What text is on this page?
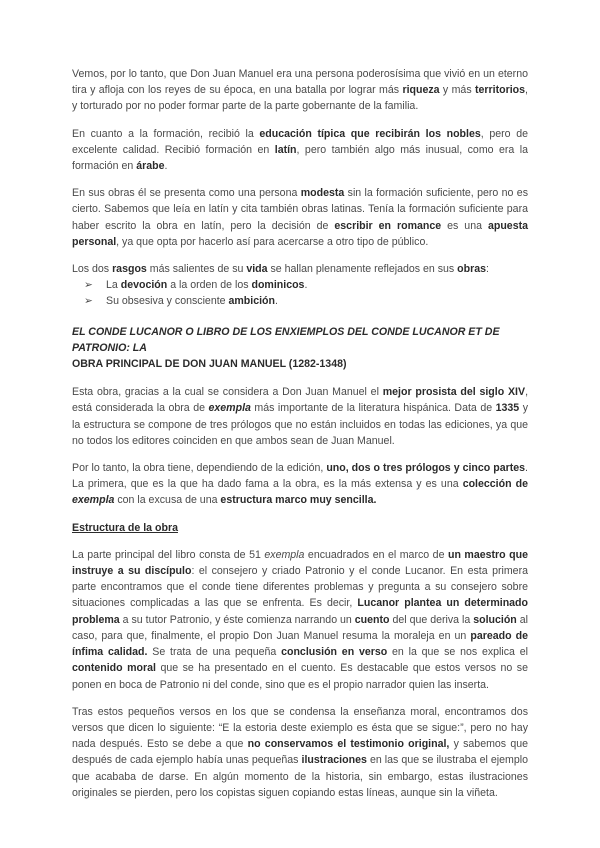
Vemos, por lo tanto, que Don Juan Manuel era una persona poderosísima que vivió en un eterno tira y afloja con los reyes de su época, en una batalla por lograr más riqueza y más territorios, y torturado por no poder formar parte de la parte gobernante de la familia.

En cuanto a la formación, recibió la educación típica que recibirán los nobles, pero de excelente calidad. Recibió formación en latín, pero también algo más inusual, como era la formación en árabe.

En sus obras él se presenta como una persona modesta sin la formación suficiente, pero no es cierto. Sabemos que leía en latín y cita también obras latinas. Tenía la formación suficiente para haber escrito la obra en latín, pero la decisión de escribir en romance es una apuesta personal, ya que opta por hacerlo así para acercarse a otro tipo de público.

Los dos rasgos más salientes de su vida se hallan plenamente reflejados en sus obras:

➢ La devoción a la orden de los dominicos.
➢ Su obsesiva y consciente ambición.
EL CONDE LUCANOR O LIBRO DE LOS ENXIEMPLOS DEL CONDE LUCANOR ET DE PATRONIO: LA
OBRA PRINCIPAL DE DON JUAN MANUEL (1282-1348)

Esta obra, gracias a la cual se considera a Don Juan Manuel el mejor prosista del siglo XIV, está considerada la obra de exempla más importante de la literatura hispánica. Data de 1335 y la estructura se compone de tres prólogos que no están incluidos en todas las ediciones, ya que no todos los editores coinciden en que ambos sean de Juan Manuel.

Por lo tanto, la obra tiene, dependiendo de la edición, uno, dos o tres prólogos y cinco partes. La primera, que es la que ha dado fama a la obra, es la más extensa y es una colección de exempla con la excusa de una estructura marco muy sencilla.

Estructura de la obra

La parte principal del libro consta de 51 exempla encuadrados en el marco de un maestro que instruye a su discípulo: el consejero y criado Patronio y el conde Lucanor. En esta primera parte encontramos que el conde tiene diferentes problemas y pregunta a su consejero sobre situaciones complicadas a las que se enfrenta. Es decir, Lucanor plantea un determinado problema a su tutor Patronio, y éste comienza narrando un cuento del que deriva la solución al caso, para que, finalmente, el propio Don Juan Manuel resuma la moraleja en un pareado de ínfima calidad. Se trata de una pequeña conclusión en verso en la que se nos explica el contenido moral que se ha presentado en el cuento. Es destacable que estos versos no se ponen en boca de Patronio ni del conde, sino que es el propio narrador quien las inserta.

Tras estos pequeños versos en los que se condensa la enseñanza moral, encontramos dos versos que dicen lo siguiente: “E la estoria deste exiemplo es ésta que se sigue:”, pero no hay nada después. Esto se debe a que no conservamos el testimonio original, y sabemos que después de cada ejemplo había unas pequeñas ilustraciones en las que se ilustraba el ejemplo que acababa de darse. En algún momento de la historia, sin embargo, estas ilustraciones originales se pierden, pero los copistas siguen copiando estas líneas, aunque sin la viñeta.
